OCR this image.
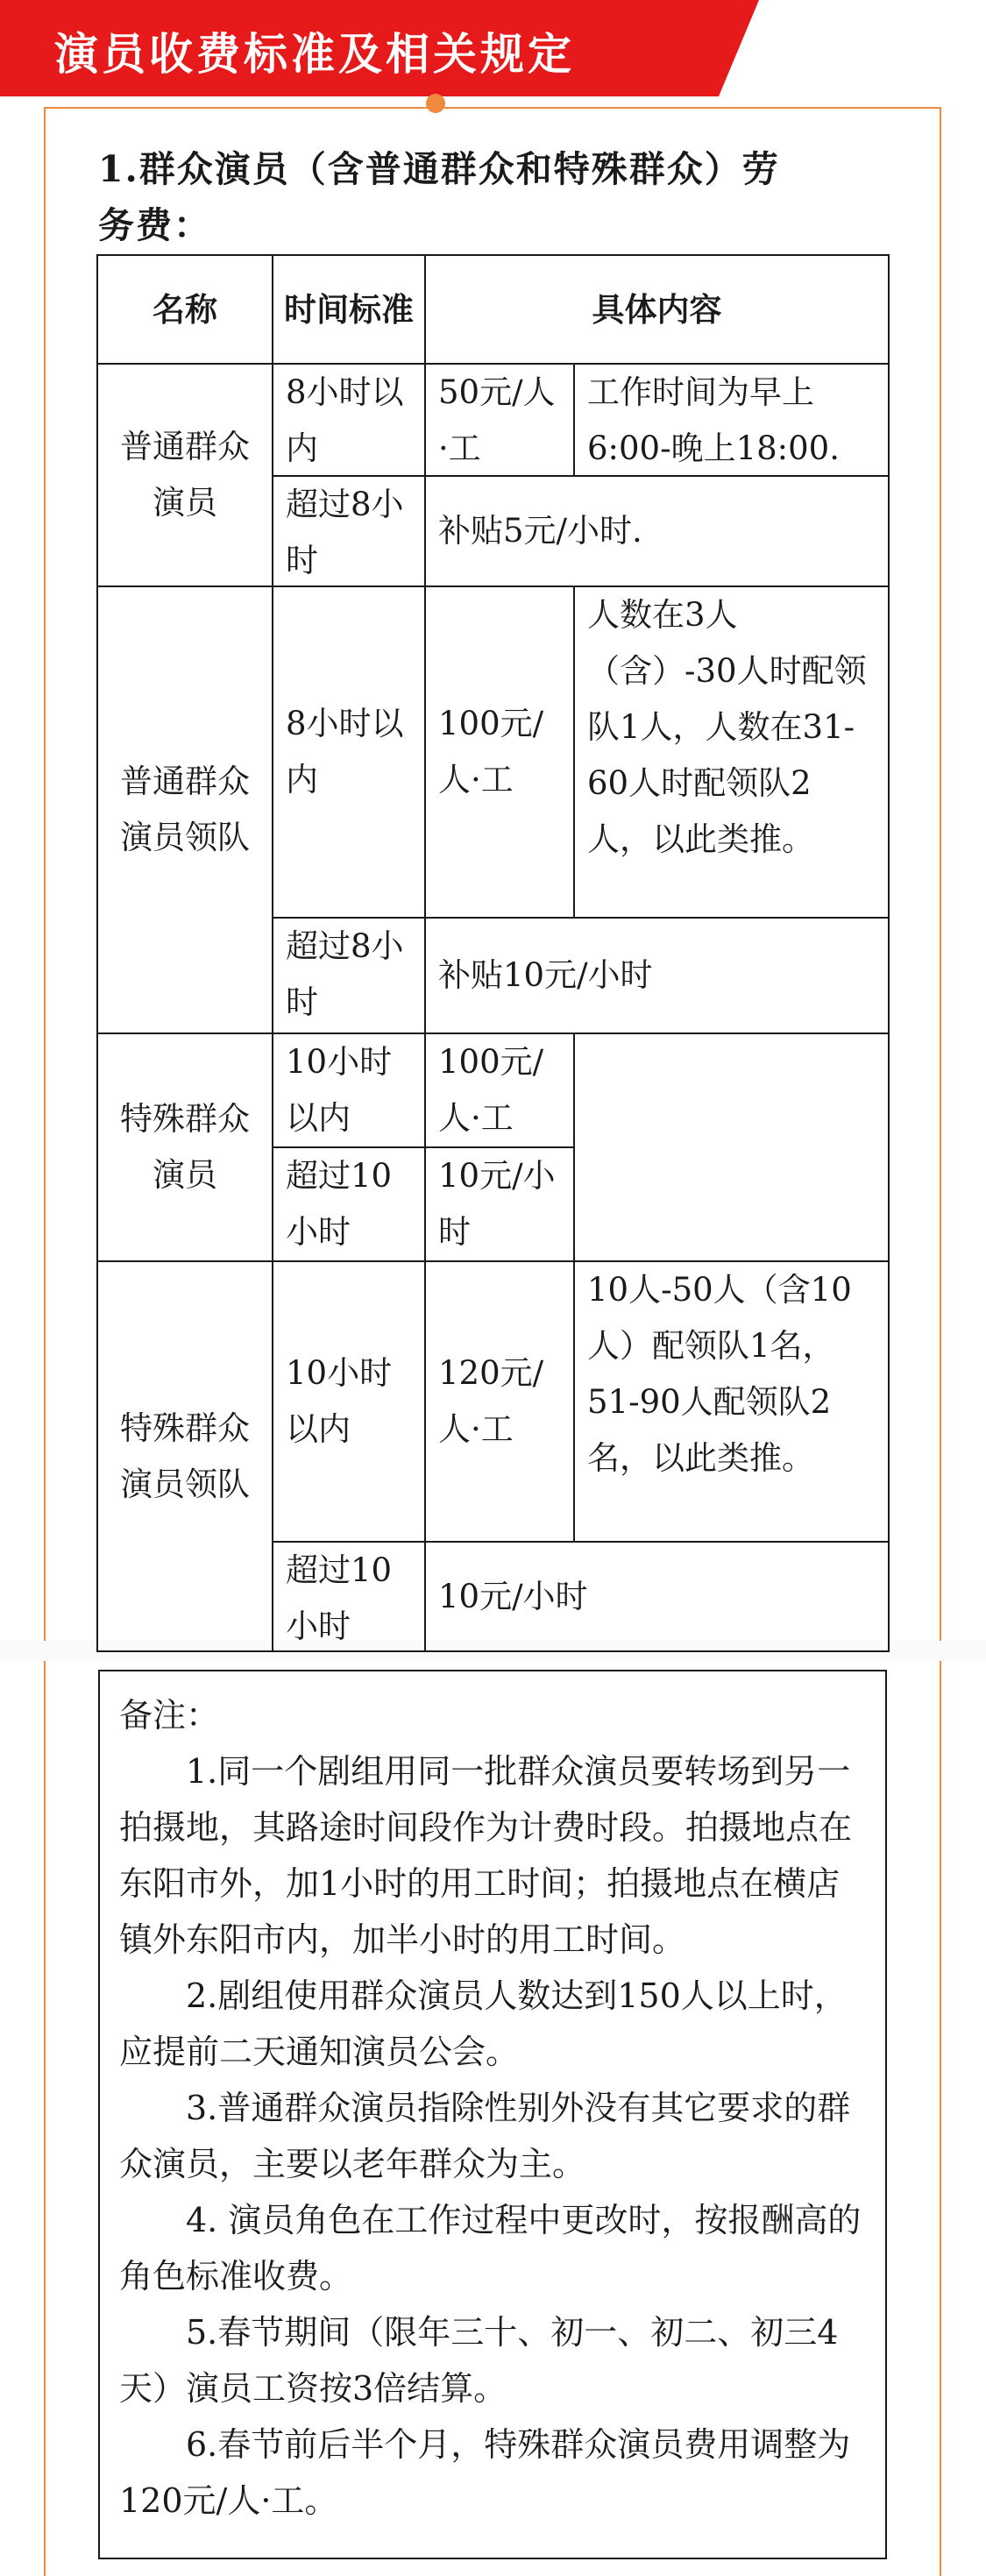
演员收费标准及相关规定
1.群众演员（含普通群众和特殊群众）劳
务费：
名称	时间标准	具体内容
普通群众演员
8小时以内
50元/人·工
工作时间为早上6:00-晚上18:00.
超过8小时
补贴5元/小时.
普通群众演员领队
8小时以内
100元/人·工
人数在3人（含）-30人时配领队1人，人数在31-60人时配领队2人，以此类推。
超过8小时
补贴10元/小时
特殊群众演员
10小时以内
100元/人·工
超过10小时
10元/小时
特殊群众演员领队
10小时以内
120元/人·工
10人-50人（含10人）配领队1名，51-90人配领队2名，以此类推。
超过10小时
10元/小时
备注：
1.同一个剧组用同一批群众演员要转场到另一拍摄地，其路途时间段作为计费时段。拍摄地点在东阳市外，加1小时的用工时间；拍摄地点在横店镇外东阳市内，加半小时的用工时间。
2.剧组使用群众演员人数达到150人以上时，应提前二天通知演员公会。
3.普通群众演员指除性别外没有其它要求的群众演员，主要以老年群众为主。
4. 演员角色在工作过程中更改时，按报酬高的角色标准收费。
5.春节期间（限年三十、初一、初二、初三4天）演员工资按3倍结算。
6.春节前后半个月，特殊群众演员费用调整为120元/人·工。
